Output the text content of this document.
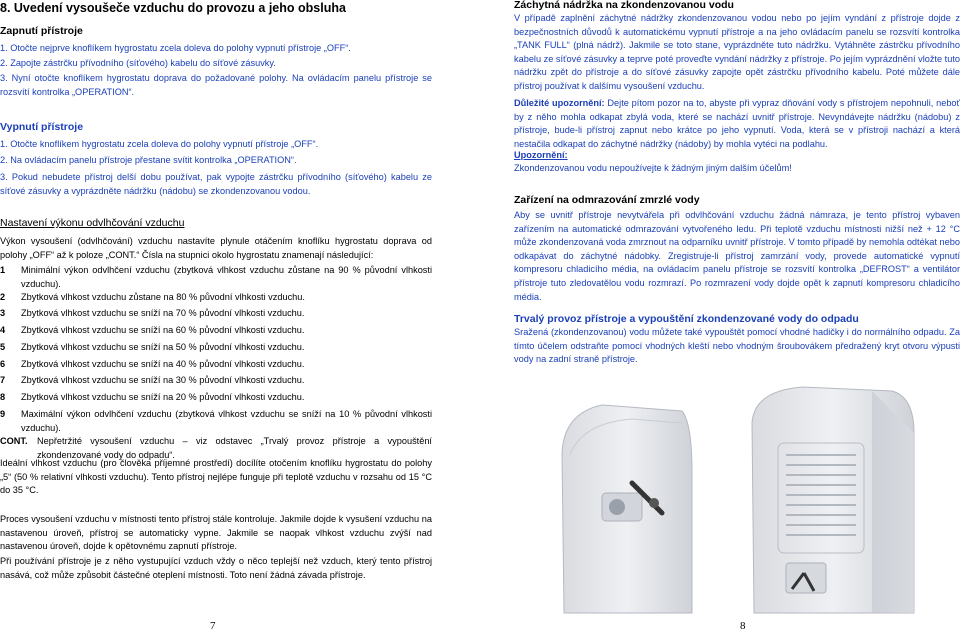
8. Uvedení vysoušeče vzduchu do provozu a jeho obsluha
Zapnutí přístroje
1. Otočte nejprve knoflíkem hygrostatu zcela doleva do polohy vypnutí přístroje „OFF“.
2. Zapojte zástrčku přívodního (síťového) kabelu do síťové zásuvky.
3. Nyní otočte knoflíkem hygrostatu doprava do požadované polohy. Na ovládacím panelu přístroje se rozsvítí kontrolka „OPERATION“.
Vypnutí přístroje
1. Otočte knoflíkem hygrostatu zcela doleva do polohy vypnutí přístroje „OFF“.
2. Na ovládacím panelu přístroje přestane svítit kontrolka „OPERATION“.
3. Pokud nebudete přístroj delší dobu používat, pak vypojte zástrčku přívodního (síťového) kabelu ze síťové zásuvky a vyprázdněte nádržku (nádobu) se zkondenzovanou vodou.
Nastavení výkonu odvlhčování vzduchu
Výkon vysoušení (odvlhčování) vzduchu nastavíte plynule otáčením knoflíku hygrostatu doprava od polohy „OFF“ až k poloze „CONT.“ Čísla na stupnici okolo hygrostatu znamenají následující:
1 Minimální výkon odvlhčení vzduchu (zbytková vlhkost vzduchu zůstane na 90 % původní vlhkosti vzduchu).
2 Zbytková vlhkost vzduchu zůstane na 80 % původní vlhkosti vzduchu.
3 Zbytková vlhkost vzduchu se sníží na 70 % původní vlhkosti vzduchu.
4 Zbytková vlhkost vzduchu se sníží na 60 % původní vlhkosti vzduchu.
5 Zbytková vlhkost vzduchu se sníží na 50 % původní vlhkosti vzduchu.
6 Zbytková vlhkost vzduchu se sníží na 40 % původní vlhkosti vzduchu.
7 Zbytková vlhkost vzduchu se sníží na 30 % původní vlhkosti vzduchu.
8 Zbytková vlhkost vzduchu se sníží na 20 % původní vlhkosti vzduchu.
9 Maximální výkon odvlhčení vzduchu (zbytková vlhkost vzduchu se sníží na 10 % původní vlhkosti vzduchu).
CONT. Nepřetržité vysoušení vzduchu – viz odstavec „Trvalý provoz přístroje a vypouštění zkondenzované vody do odpadu“.
Ideální vlhkost vzduchu (pro člověka příjemné prostředí) docílíte otočením knoflíku hygrostatu do polohy „5“ (50 % relativní vlhkosti vzduchu). Tento přístroj nejlépe funguje při teplotě vzduchu v rozsahu od 15 °C do 35 °C.
Proces vysoušení vzduchu v místnosti tento přístroj stále kontroluje. Jakmile dojde k vysušení vzduchu na nastavenou úroveň, přístroj se automaticky vypne. Jakmile se naopak vlhkost vzduchu zvýší nad nastavenou úroveň, dojde k opětovnému zapnutí přístroje.
Při používání přístroje je z něho vystupující vzduch vždy o něco teplejší než vzduch, který tento přístroj nasává, což může způsobit částečné oteplení místnosti. Toto není žádná závada přístroje.
Záchytná nádržka na zkondenzovanou vodu
V případě zaplnění záchytné nádržky zkondenzovanou vodou nebo po jejím vyndání z přístroje dojde z bezpečnostních důvodů k automatickému vypnutí přístroje a na jeho ovládacím panelu se rozsvítí kontrolka „TANK FULL“ (plná nádrž). Jakmile se toto stane, vyprázdněte tuto nádržku. Vytáhněte zástrčku přívodního kabelu ze síťové zásuvky a teprve poté proveďte vyndání nádržky z přístroje. Po jejím vyprázdnění vložte tuto nádržku zpět do přístroje a do síťové zásuvky zapojte opět zástrčku přívodního kabelu. Poté můžete dále přístroj používat k dalšímu vysoušení vzduchu.
Důležité upozornění: Dejte pítom pozor na to, abyste při vypraz dňování vody s přístrojem nepohnuli, neboť by z něho mohla odkapat zbylá voda, které se nachází uvnitř přístroje. Nevyndávejte nádržku (nádobu) z přístroje, bude-li přístroj zapnut nebo krátce po jeho vypnutí. Voda, která se v přístroji nachází a která nestačila odkapat do záchytné nádržky (nádoby) by mohla vytéci na podlahu.
Upozornění:
Zkondenzovanou vodu nepoužívejte k žádným jiným dalším účelům!
Zařízení na odmrazování zmrzlé vody
Aby se uvnitř přístroje nevytvářela při odvlhčování vzduchu žádná námraza, je tento přístroj vybaven zařízením na automatické odmrazování vytvořeného ledu. Při teplotě vzduchu místnosti nižší než + 12 °C může zkondenzovaná voda zmrznout na odparníku uvnitř přístroje. V tomto případě by nemohla odtékat nebo odkapávat do záchytné nádobky. Zregistruje-li přístroj zamrzání vody, provede automatické vypnutí kompresoru chladicího média, na ovládacím panelu přístroje se rozsvítí kontrolka „DEFROST“ a ventilátor přístroje tuto zledovatělou vodu rozmrazí. Po rozmrazení vody dojde opět k zapnutí kompresoru chladicího média.
Trvalý provoz přístroje a vypouštění zkondenzované vody do odpadu
Sražená (zkondenzovanou) vodu můžete také vypouštět pomocí vhodné hadičky i do normálního odpadu. Za tímto účelem odstraňte pomocí vhodných kleští nebo vhodným šroubovákem předražený kryt otvoru výpusti vody na zadní straně přístroje.
7	8
